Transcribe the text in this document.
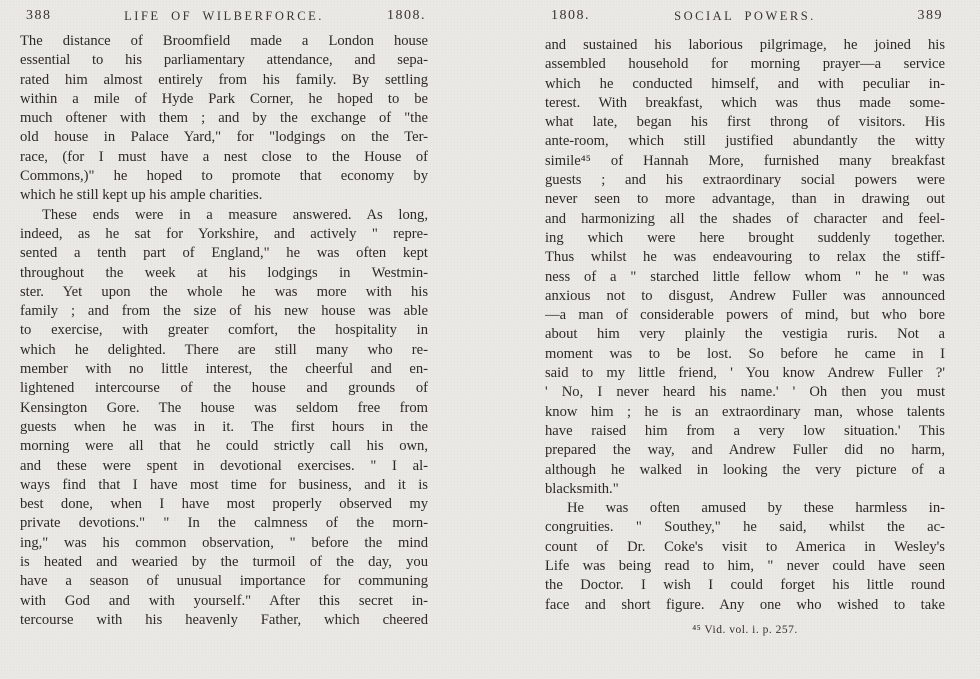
388	LIFE OF WILBERFORCE.	1808.
The distance of Broomfield made a London house
essential to his parliamentary attendance, and sepa-
rated him almost entirely from his family. By settling
within a mile of Hyde Park Corner, he hoped to be
much oftener with them ; and by the exchange of "the
old house in Palace Yard," for "lodgings on the Ter-
race, (for I must have a nest close to the House of
Commons,)" he hoped to promote that economy by
which he still kept up his ample charities.
These ends were in a measure answered. As long,
indeed, as he sat for Yorkshire, and actively " repre-
sented a tenth part of England," he was often kept
throughout the week at his lodgings in Westmin-
ster. Yet upon the whole he was more with his
family ; and from the size of his new house was able
to exercise, with greater comfort, the hospitality in
which he delighted. There are still many who re-
member with no little interest, the cheerful and en-
lightened intercourse of the house and grounds of
Kensington Gore. The house was seldom free from
guests when he was in it. The first hours in the
morning were all that he could strictly call his own,
and these were spent in devotional exercises. " I al-
ways find that I have most time for business, and it is
best done, when I have most properly observed my
private devotions." " In the calmness of the morn-
ing," was his common observation, " before the mind
is heated and wearied by the turmoil of the day, you
have a season of unusual importance for communing
with God and with yourself." After this secret in-
tercourse with his heavenly Father, which cheered
1808.	SOCIAL POWERS.	389
and sustained his laborious pilgrimage, he joined his
assembled household for morning prayer—a service
which he conducted himself, and with peculiar in-
terest. With breakfast, which was thus made some-
what late, began his first throng of visitors. His
ante-room, which still justified abundantly the witty
simile⁴⁵ of Hannah More, furnished many breakfast
guests ; and his extraordinary social powers were
never seen to more advantage, than in drawing out
and harmonizing all the shades of character and feel-
ing which were here brought suddenly together.
Thus whilst he was endeavouring to relax the stiff-
ness of a " starched little fellow whom " he " was
anxious not to disgust, Andrew Fuller was announced
—a man of considerable powers of mind, but who bore
about him very plainly the vestigia ruris. Not a
moment was to be lost. So before he came in I
said to my little friend, ' You know Andrew Fuller ?'
' No, I never heard his name.' ' Oh then you must
know him ; he is an extraordinary man, whose talents
have raised him from a very low situation.' This
prepared the way, and Andrew Fuller did no harm,
although he walked in looking the very picture of a
blacksmith."
He was often amused by these harmless in-
congruities. " Southey," he said, whilst the ac-
count of Dr. Coke's visit to America in Wesley's
Life was being read to him, " never could have seen
the Doctor. I wish I could forget his little round
face and short figure. Any one who wished to take
⁴⁵ Vid. vol. i. p. 257.
